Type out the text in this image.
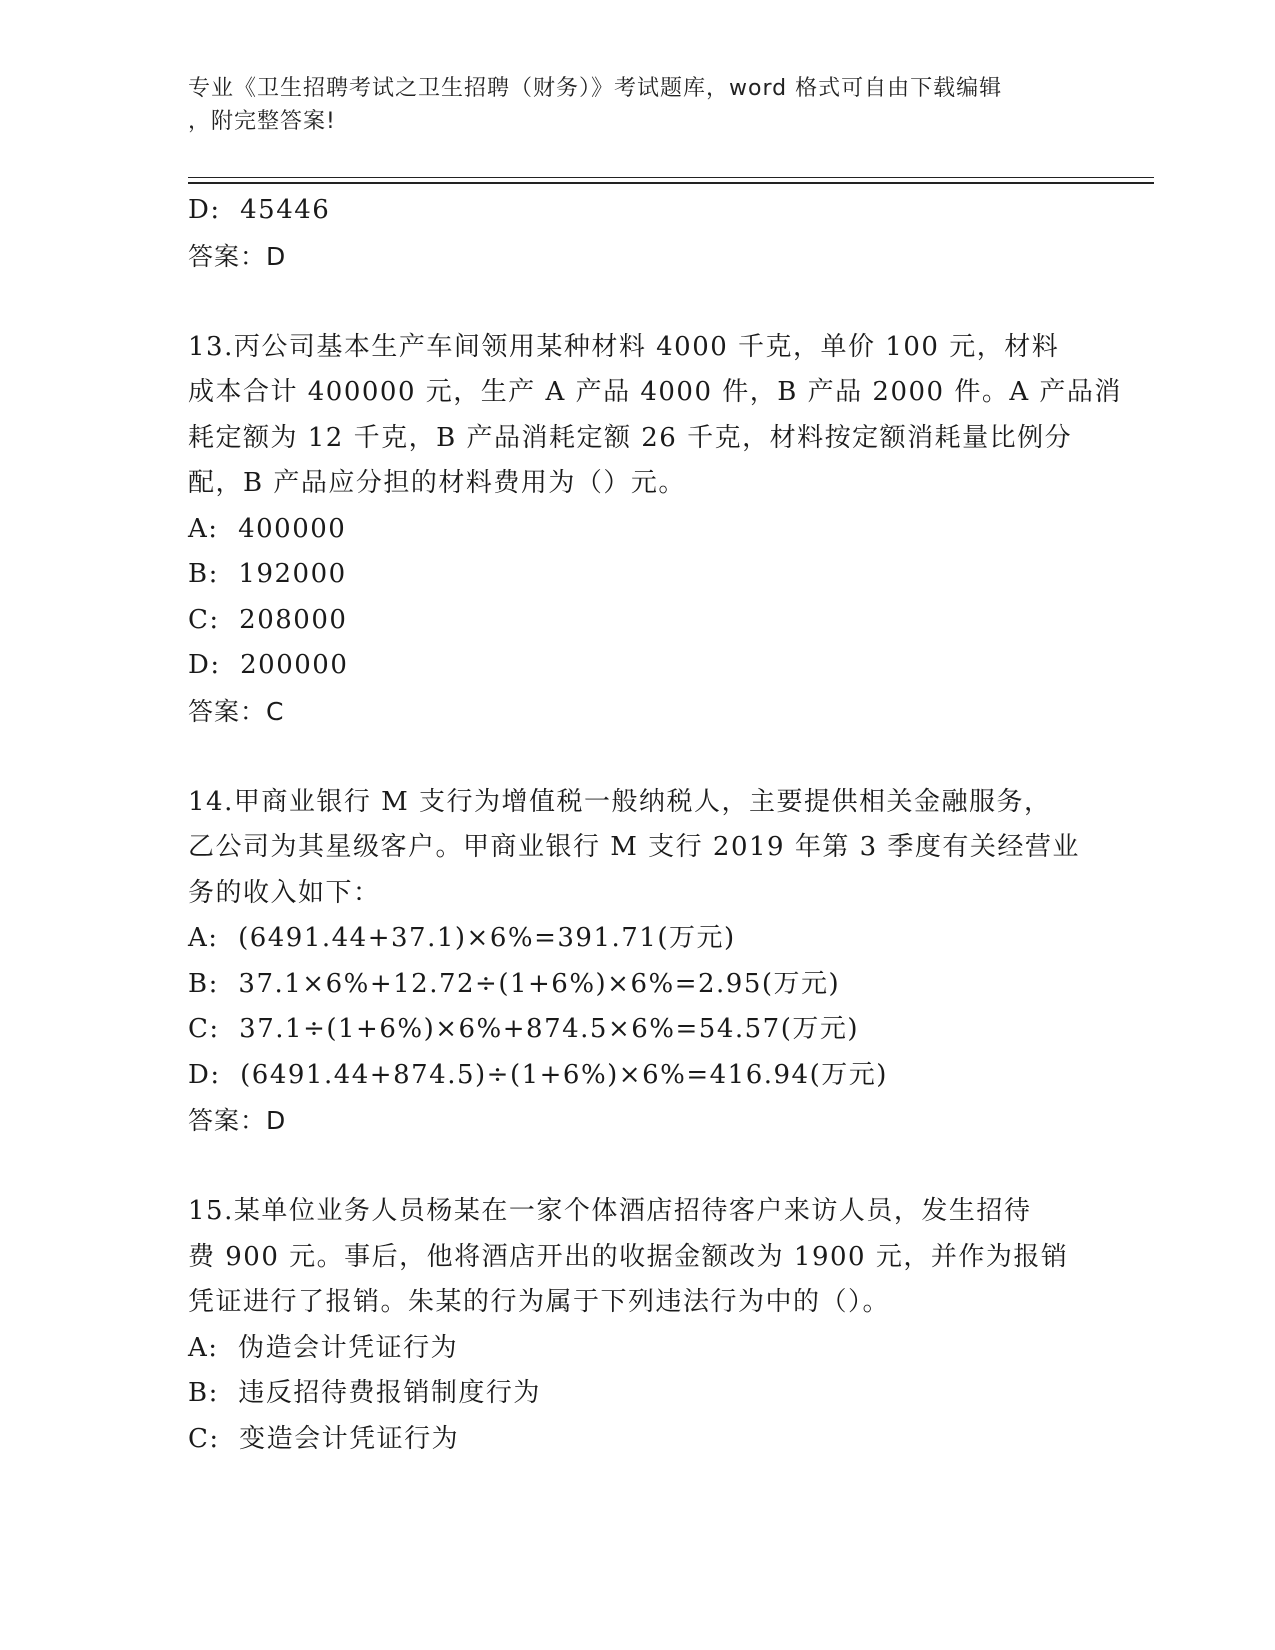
专业《卫生招聘考试之卫生招聘（财务）》考试题库，word 格式可自由下载编辑
，附完整答案!
D:  45446
答案：D
13.丙公司基本生产车间领用某种材料 4000 千克，单价 100 元，材料
成本合计 400000 元，生产 A 产品 4000 件，B 产品 2000 件。A 产品消
耗定额为 12 千克，B 产品消耗定额 26 千克，材料按定额消耗量比例分
配，B 产品应分担的材料费用为（）元。
A:  400000
B:  192000
C:  208000
D:  200000
答案：C
14.甲商业银行 M 支行为增值税一般纳税人，主要提供相关金融服务，
乙公司为其星级客户。甲商业银行 M 支行 2019 年第 3 季度有关经营业
务的收入如下：
A:  (6491.44+37.1)×6%=391.71(万元)
B:  37.1×6%+12.72÷(1+6%)×6%=2.95(万元)
C:  37.1÷(1+6%)×6%+874.5×6%=54.57(万元)
D:  (6491.44+874.5)÷(1+6%)×6%=416.94(万元)
答案：D
15.某单位业务人员杨某在一家个体酒店招待客户来访人员，发生招待
费 900 元。事后，他将酒店开出的收据金额改为 1900 元，并作为报销
凭证进行了报销。朱某的行为属于下列违法行为中的（）。
A:  伪造会计凭证行为
B:  违反招待费报销制度行为
C:  变造会计凭证行为
